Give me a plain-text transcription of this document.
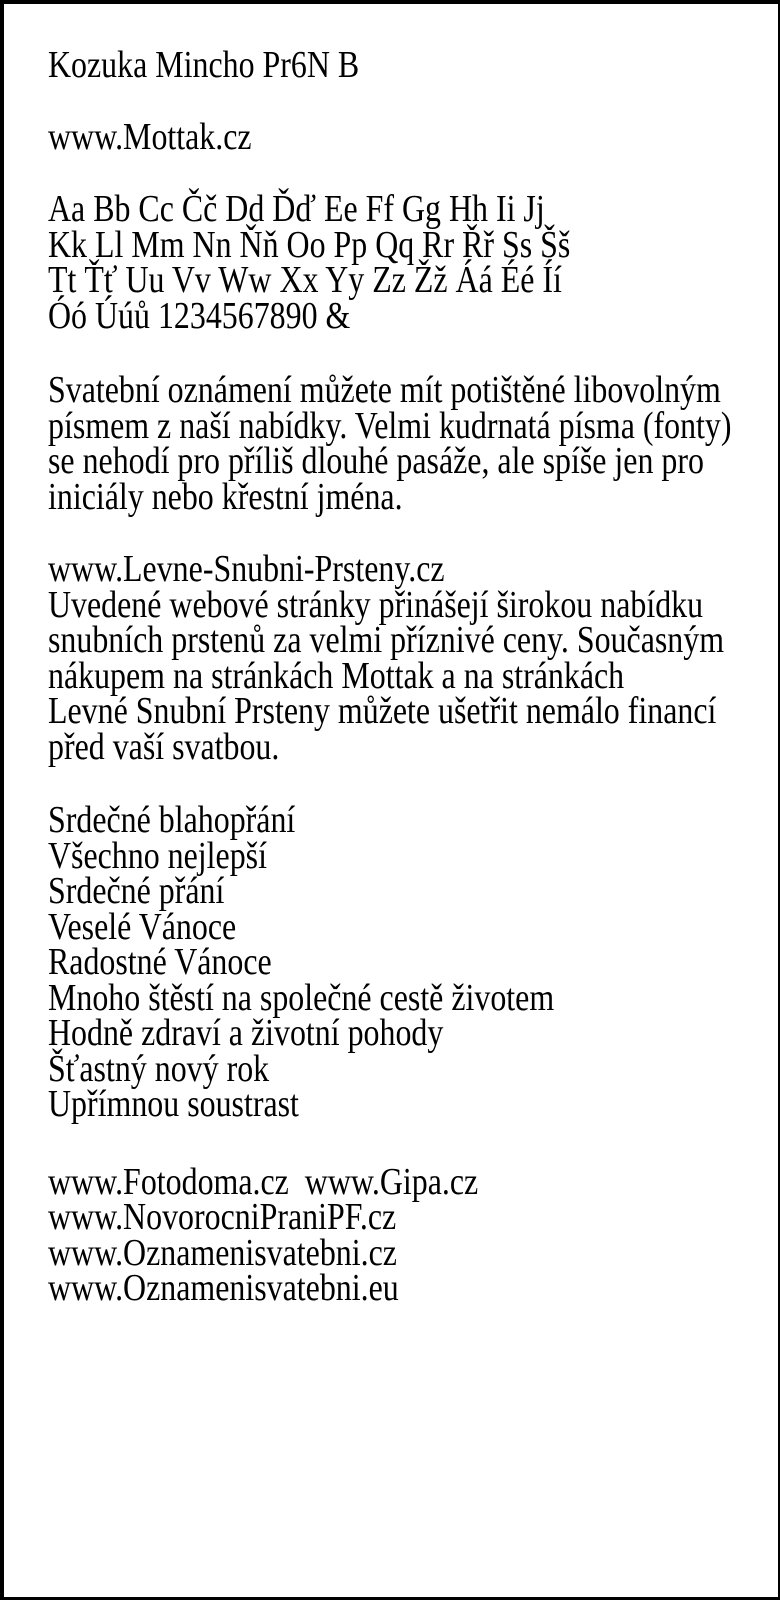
Kozuka Mincho Pr6N B
www.Mottak.cz
Aa Bb Cc Čč Dd Ďď Ee Ff Gg Hh Ii Jj
Kk Ll Mm Nn Ňň Oo Pp Qq Rr Řř Ss Šš
Tt Ťť Uu Vv Ww Xx Yy Zz Žž Áá Éé Íí
Óó Úúů 1234567890 &
Svatební oznámení můžete mít potištěné libovolným
písmem z naší nabídky. Velmi kudrnatá písma (fonty)
se nehodí pro příliš dlouhé pasáže, ale spíše jen pro
iniciály nebo křestní jména.
www.Levne-Snubni-Prsteny.cz
Uvedené webové stránky přinášejí širokou nabídku
snubních prstenů za velmi příznivé ceny. Současným
nákupem na stránkách Mottak a na stránkách
Levné Snubní Prsteny můžete ušetřit nemálo financí
před vaší svatbou.
Srdečné blahopřání
Všechno nejlepší
Srdečné přání
Veselé Vánoce
Radostné Vánoce
Mnoho štěstí na společné cestě životem
Hodně zdraví a životní pohody
Šťastný nový rok
Upřímnou soustrast
www.Fotodoma.cz  www.Gipa.cz
www.NovorocniPraniPF.cz
www.Oznamenisvatebni.cz
www.Oznamenisvatebni.eu
